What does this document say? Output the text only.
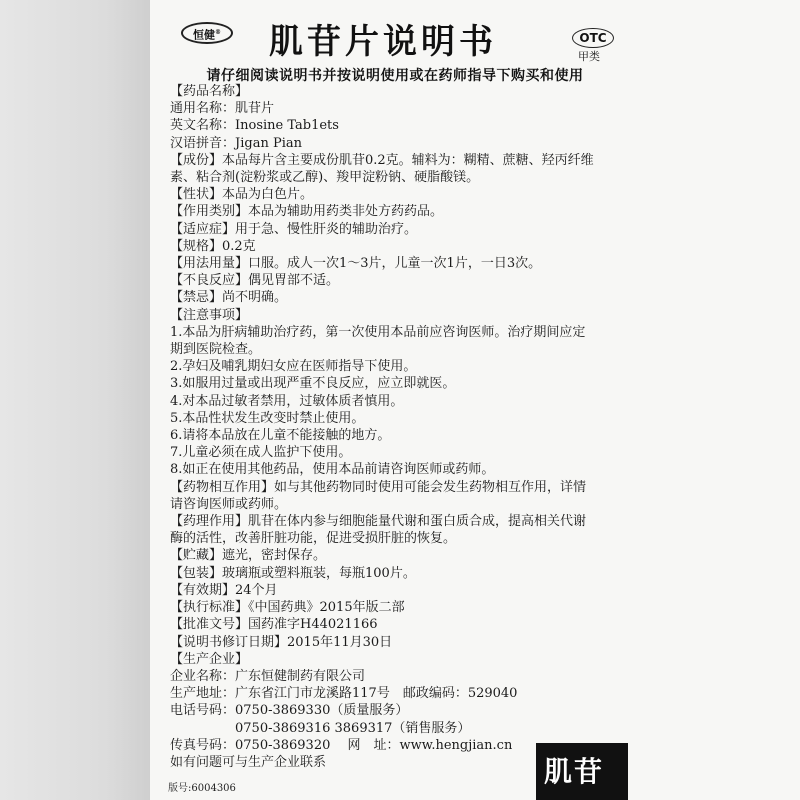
恒健®	肌苷片说明书	OTC
甲类
请仔细阅读说明书并按说明使用或在药师指导下购买和使用
【药品名称】
通用名称：肌苷片
英文名称：Inosine Tab1ets
汉语拼音：Jigan Pian
【成份】本品每片含主要成份肌苷0.2克。辅料为：糊精、蔗糖、羟丙纤维
素、粘合剂(淀粉浆或乙醇)、羧甲淀粉钠、硬脂酸镁。
【性状】本品为白色片。
【作用类别】本品为辅助用药类非处方药药品。
【适应症】用于急、慢性肝炎的辅助治疗。
【规格】0.2克
【用法用量】口服。成人一次1～3片，儿童一次1片，一日3次。
【不良反应】偶见胃部不适。
【禁忌】尚不明确。
【注意事项】
1.本品为肝病辅助治疗药，第一次使用本品前应咨询医师。治疗期间应定
期到医院检查。
2.孕妇及哺乳期妇女应在医师指导下使用。
3.如服用过量或出现严重不良反应，应立即就医。
4.对本品过敏者禁用，过敏体质者慎用。
5.本品性状发生改变时禁止使用。
6.请将本品放在儿童不能接触的地方。
7.儿童必须在成人监护下使用。
8.如正在使用其他药品，使用本品前请咨询医师或药师。
【药物相互作用】如与其他药物同时使用可能会发生药物相互作用，详情
请咨询医师或药师。
【药理作用】肌苷在体内参与细胞能量代谢和蛋白质合成，提高相关代谢
酶的活性，改善肝脏功能，促进受损肝脏的恢复。
【贮藏】遮光，密封保存。
【包装】玻璃瓶或塑料瓶装，每瓶100片。
【有效期】24个月
【执行标准】《中国药典》2015年版二部
【批准文号】国药准字H44021166
【说明书修订日期】2015年11月30日
【生产企业】
企业名称：广东恒健制药有限公司
生产地址：广东省江门市龙溪路117号　邮政编码：529040
电话号码：0750-3869330（质量服务）
　　　　　0750-3869316 3869317（销售服务）
传真号码：0750-3869320　 网　址：www.hengjian.cn
如有问题可与生产企业联系
版号:6004306
肌苷
